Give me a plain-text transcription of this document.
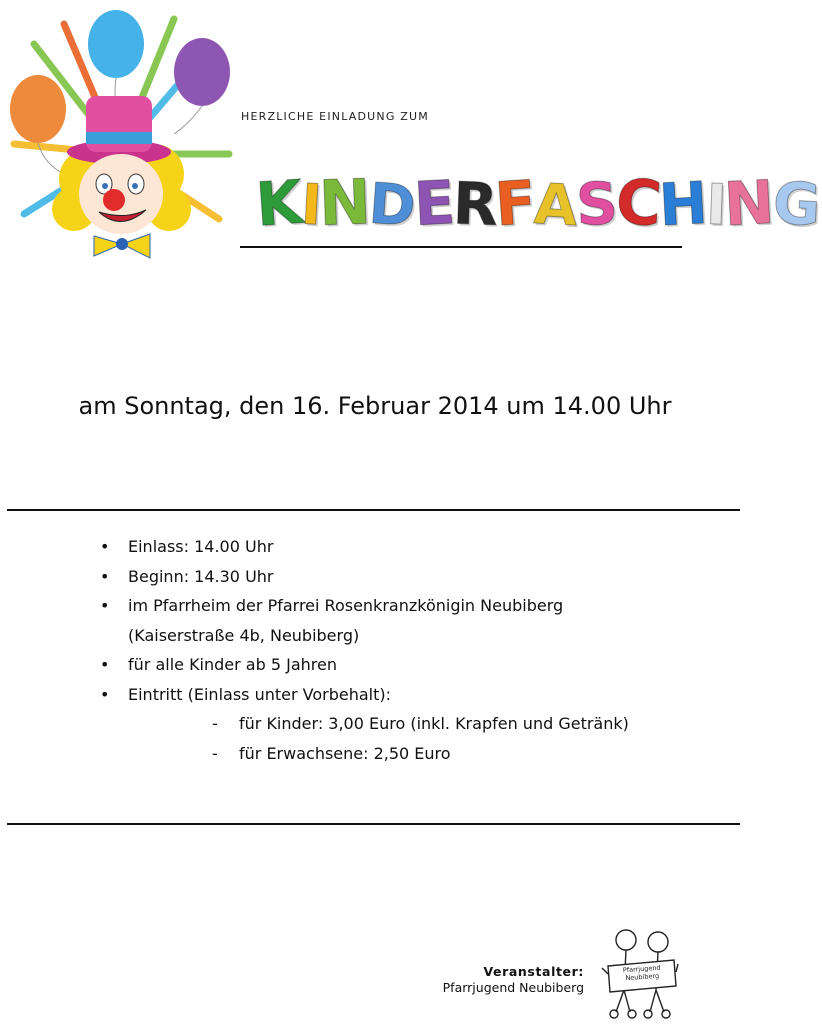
HERZLICHE EINLADUNG ZUM
KINDERFASCHING
am Sonntag, den 16. Februar 2014 um 14.00 Uhr
•	Einlass: 14.00 Uhr
•	Beginn: 14.30 Uhr
•	im Pfarrheim der Pfarrei Rosenkranzkönigin Neubiberg
(Kaiserstraße 4b, Neubiberg)
•	für alle Kinder ab 5 Jahren
•	Eintritt (Einlass unter Vorbehalt):
-	für Kinder: 3,00 Euro (inkl. Krapfen und Getränk)
-	für Erwachsene: 2,50 Euro
Veranstalter:
Pfarrjugend Neubiberg
Pfarrjugend Neubiberg
